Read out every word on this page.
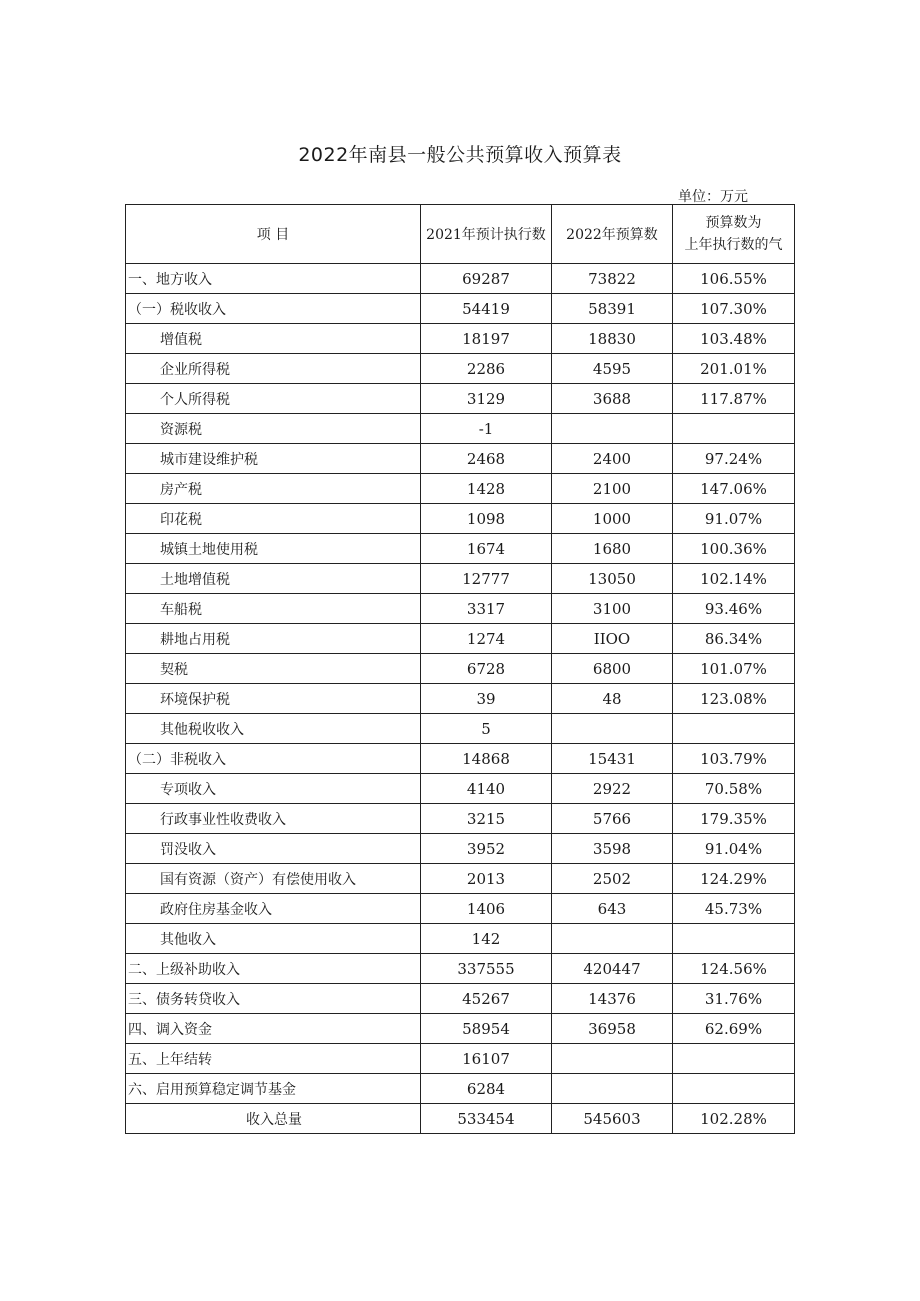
2022年南县一般公共预算收入预算表
单位：万元
项 目	2021年预计执行数	2022年预算数	预算数为
上年执行数的气

一、地方收入	69287	73822	106.55%
（一）税收收入	54419	58391	107.30%
增值税	18197	18830	103.48%
企业所得税	2286	4595	201.01%
个人所得税	3129	3688	117.87%
资源税	-1		
城市建设维护税	2468	2400	97.24%
房产税	1428	2100	147.06%
印花税	1098	1000	91.07%
城镇土地使用税	1674	1680	100.36%
土地增值税	12777	13050	102.14%
车船税	3317	3100	93.46%
耕地占用税	1274	IIOO	86.34%
契税	6728	6800	101.07%
环境保护税	39	48	123.08%
其他税收收入	5		
（二）非税收入	14868	15431	103.79%
专项收入	4140	2922	70.58%
行政事业性收费收入	3215	5766	179.35%
罚没收入	3952	3598	91.04%
国有资源（资产）有偿使用收入	2013	2502	124.29%
政府住房基金收入	1406	643	45.73%
其他收入	142		
二、上级补助收入	337555	420447	124.56%
三、债务转贷收入	45267	14376	31.76%
四、调入资金	58954	36958	62.69%
五、上年结转	16107		
六、启用预算稳定调节基金	6284		
收入总量	533454	545603	102.28%
